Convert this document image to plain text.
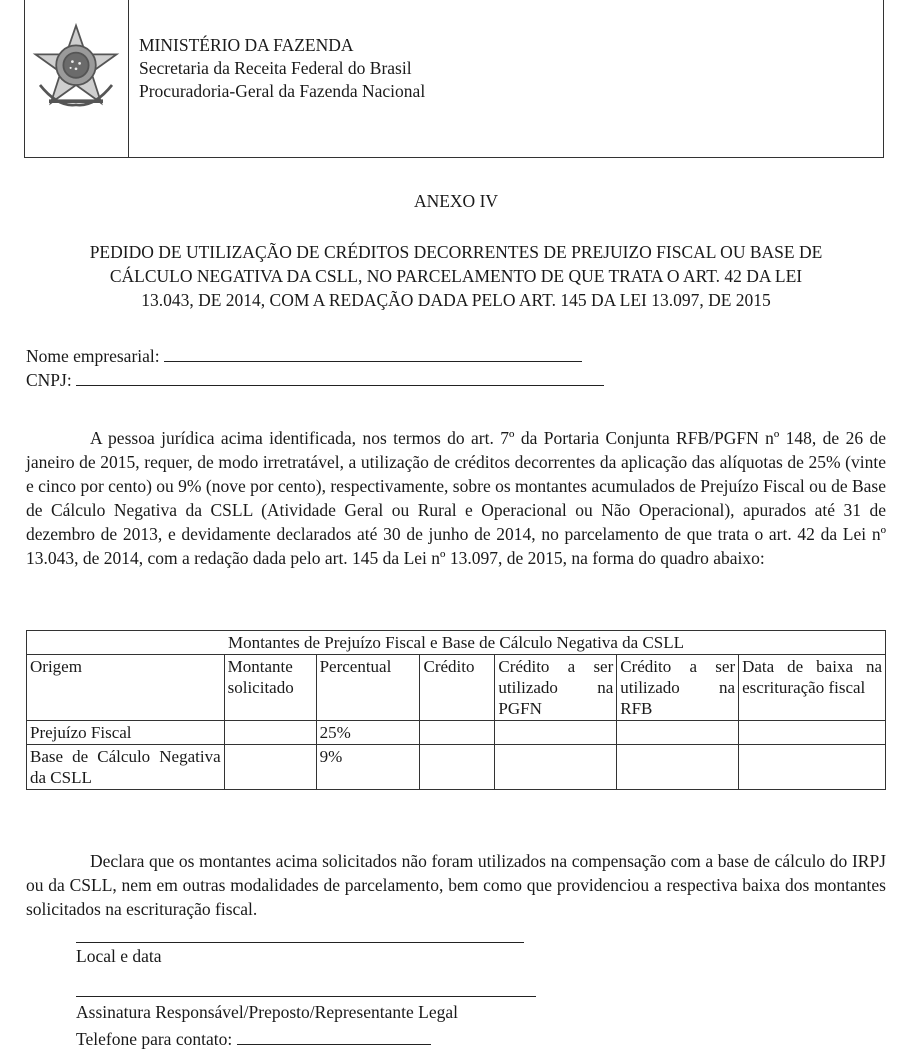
MINISTÉRIO DA FAZENDA
Secretaria da Receita Federal do Brasil
Procuradoria-Geral da Fazenda Nacional
ANEXO IV
PEDIDO DE UTILIZAÇÃO DE CRÉDITOS DECORRENTES DE PREJUIZO FISCAL OU BASE DE
CÁLCULO NEGATIVA DA CSLL, NO PARCELAMENTO DE QUE TRATA O ART. 42 DA LEI
13.043, DE 2014, COM A REDAÇÃO DADA PELO ART. 145 DA LEI 13.097, DE 2015
Nome empresarial:
CNPJ:

A pessoa jurídica acima identificada, nos termos do art. 7º da Portaria Conjunta RFB/PGFN nº 148, de 26 de janeiro de 2015, requer, de modo irretratável, a utilização de créditos decorrentes da aplicação das alíquotas de 25% (vinte e cinco por cento) ou 9% (nove por cento), respectivamente, sobre os montantes acumulados de Prejuízo Fiscal ou de Base de Cálculo Negativa da CSLL (Atividade Geral ou Rural e Operacional ou Não Operacional), apurados até 31 de dezembro de 2013, e devidamente declarados até 30 de junho de 2014, no parcelamento de que trata o art. 42 da Lei nº 13.043, de 2014, com a redação dada pelo art. 145 da Lei nº 13.097, de 2015, na forma do quadro abaixo:

Montantes de Prejuízo Fiscal e Base de Cálculo Negativa da CSLL						
Origem	Montante solicitado	Percentual	Crédito	Crédito a ser utilizado na PGFN	Crédito a ser utilizado na RFB	Data de baixa na escrituração fiscal
Prejuízo Fiscal		25%				
Base de Cálculo Negativa da CSLL		9%				

Declara que os montantes acima solicitados não foram utilizados na compensação com a base de cálculo do IRPJ ou da CSLL, nem em outras modalidades de parcelamento, bem como que providenciou a respectiva baixa dos montantes solicitados na escrituração fiscal.

Local e data
Assinatura Responsável/Preposto/Representante Legal
Telefone para contato:
